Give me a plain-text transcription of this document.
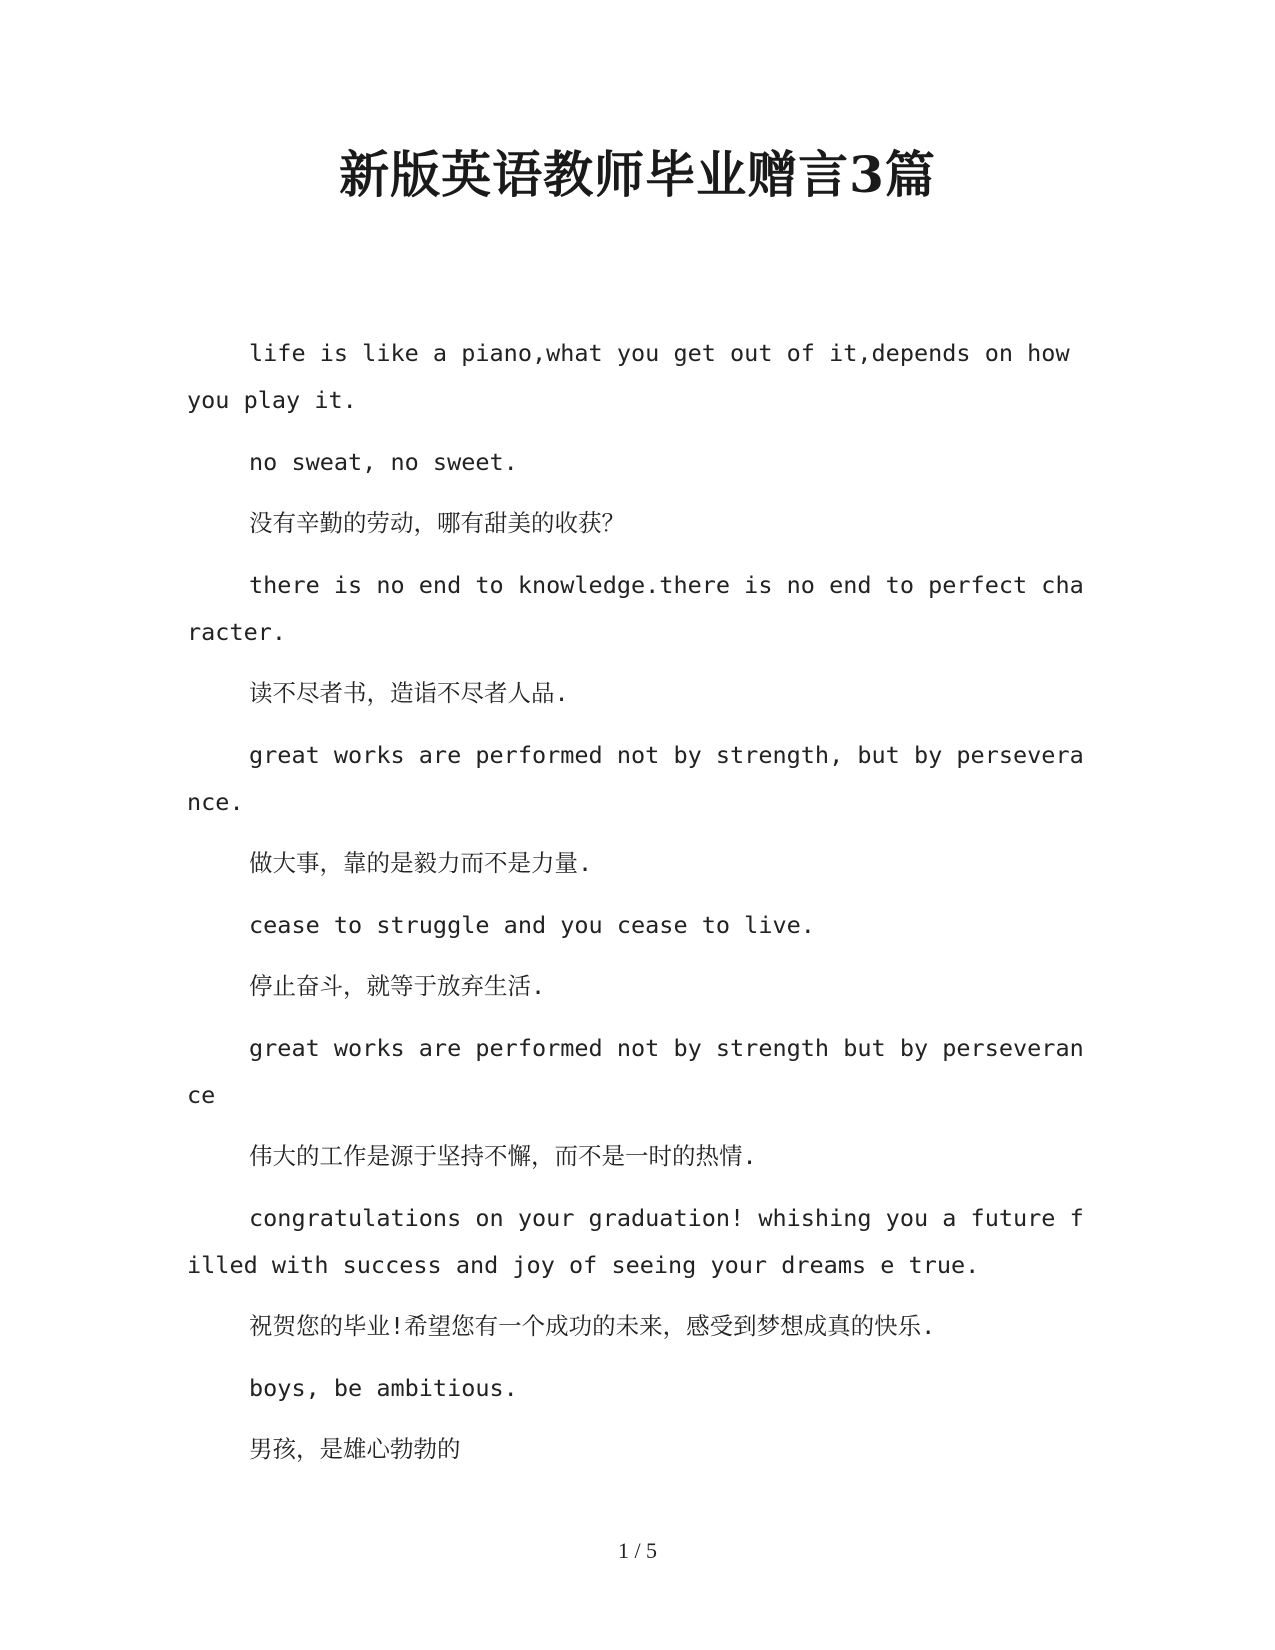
新版英语教师毕业赠言3篇

life is like a piano,what you get out of it,depends on how you play it.

no sweat, no sweet.

没有辛勤的劳动，哪有甜美的收获？

there is no end to knowledge.there is no end to perfect character.

读不尽者书，造诣不尽者人品.

great works are performed not by strength, but by perseverance.

做大事，靠的是毅力而不是力量.

cease to struggle and you cease to live.

停止奋斗，就等于放弃生活.

great works are performed not by strength but by perseverance

伟大的工作是源于坚持不懈，而不是一时的热情.

congratulations on your graduation! whishing you a future filled with success and joy of seeing your dreams e true.

祝贺您的毕业!希望您有一个成功的未来，感受到梦想成真的快乐.

boys, be ambitious.

男孩，是雄心勃勃的

1 / 5
